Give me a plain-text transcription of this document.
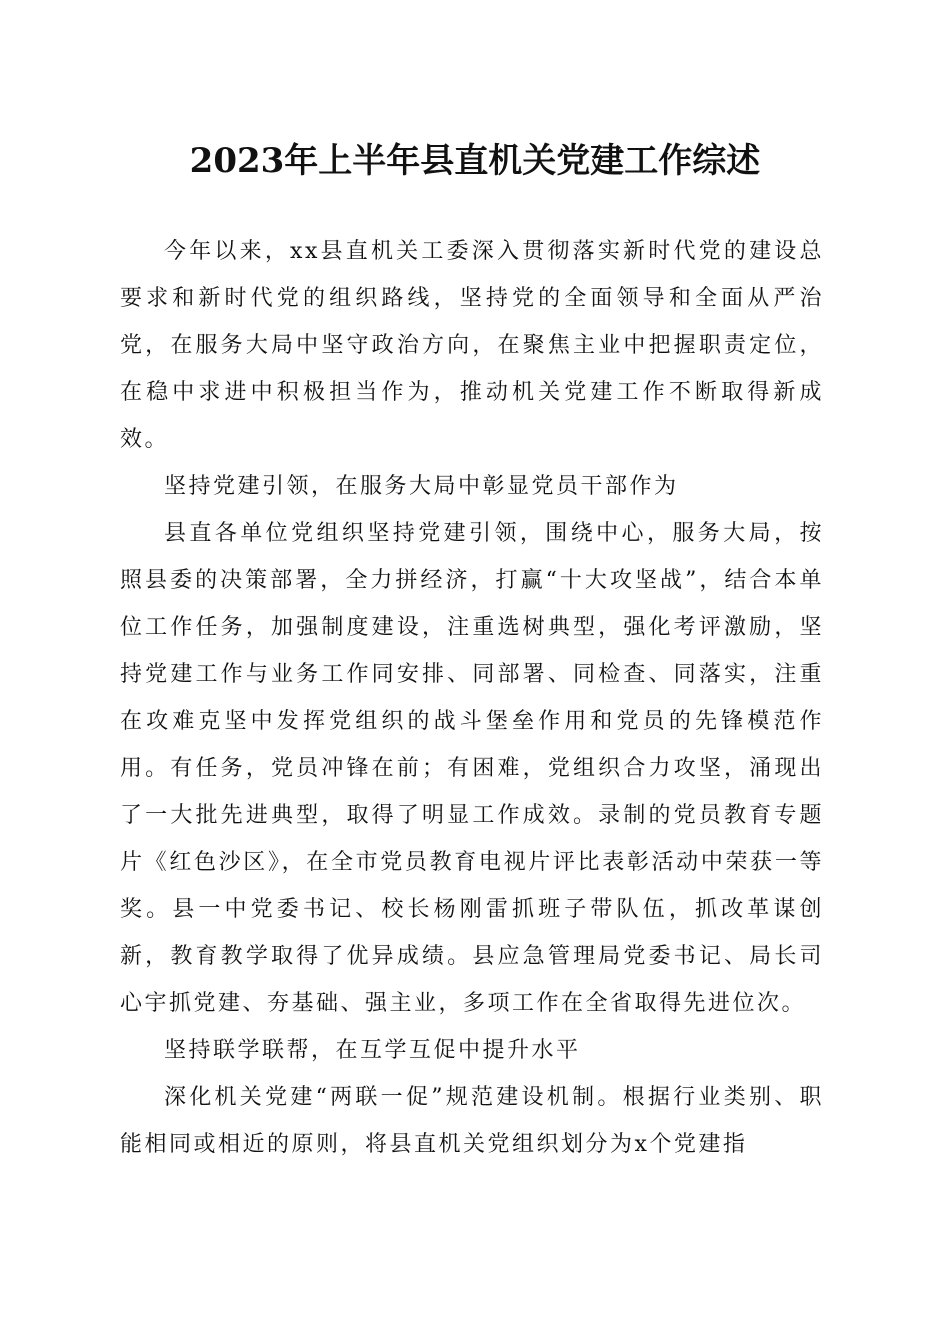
2023年上半年县直机关党建工作综述

今年以来，xx县直机关工委深入贯彻落实新时代党的建设总要求和新时代党的组织路线，坚持党的全面领导和全面从严治党，在服务大局中坚守政治方向，在聚焦主业中把握职责定位，在稳中求进中积极担当作为，推动机关党建工作不断取得新成效。

坚持党建引领，在服务大局中彰显党员干部作为

县直各单位党组织坚持党建引领，围绕中心，服务大局，按照县委的决策部署，全力拼经济，打赢“十大攻坚战”，结合本单位工作任务，加强制度建设，注重选树典型，强化考评激励，坚持党建工作与业务工作同安排、同部署、同检查、同落实，注重在攻难克坚中发挥党组织的战斗堡垒作用和党员的先锋模范作用。有任务，党员冲锋在前；有困难，党组织合力攻坚，涌现出了一大批先进典型，取得了明显工作成效。录制的党员教育专题片《红色沙区》，在全市党员教育电视片评比表彰活动中荣获一等奖。县一中党委书记、校长杨刚雷抓班子带队伍，抓改革谋创新，教育教学取得了优异成绩。县应急管理局党委书记、局长司心宇抓党建、夯基础、强主业，多项工作在全省取得先进位次。

坚持联学联帮，在互学互促中提升水平

深化机关党建“两联一促”规范建设机制。根据行业类别、职能相同或相近的原则，将县直机关党组织划分为x个党建指
